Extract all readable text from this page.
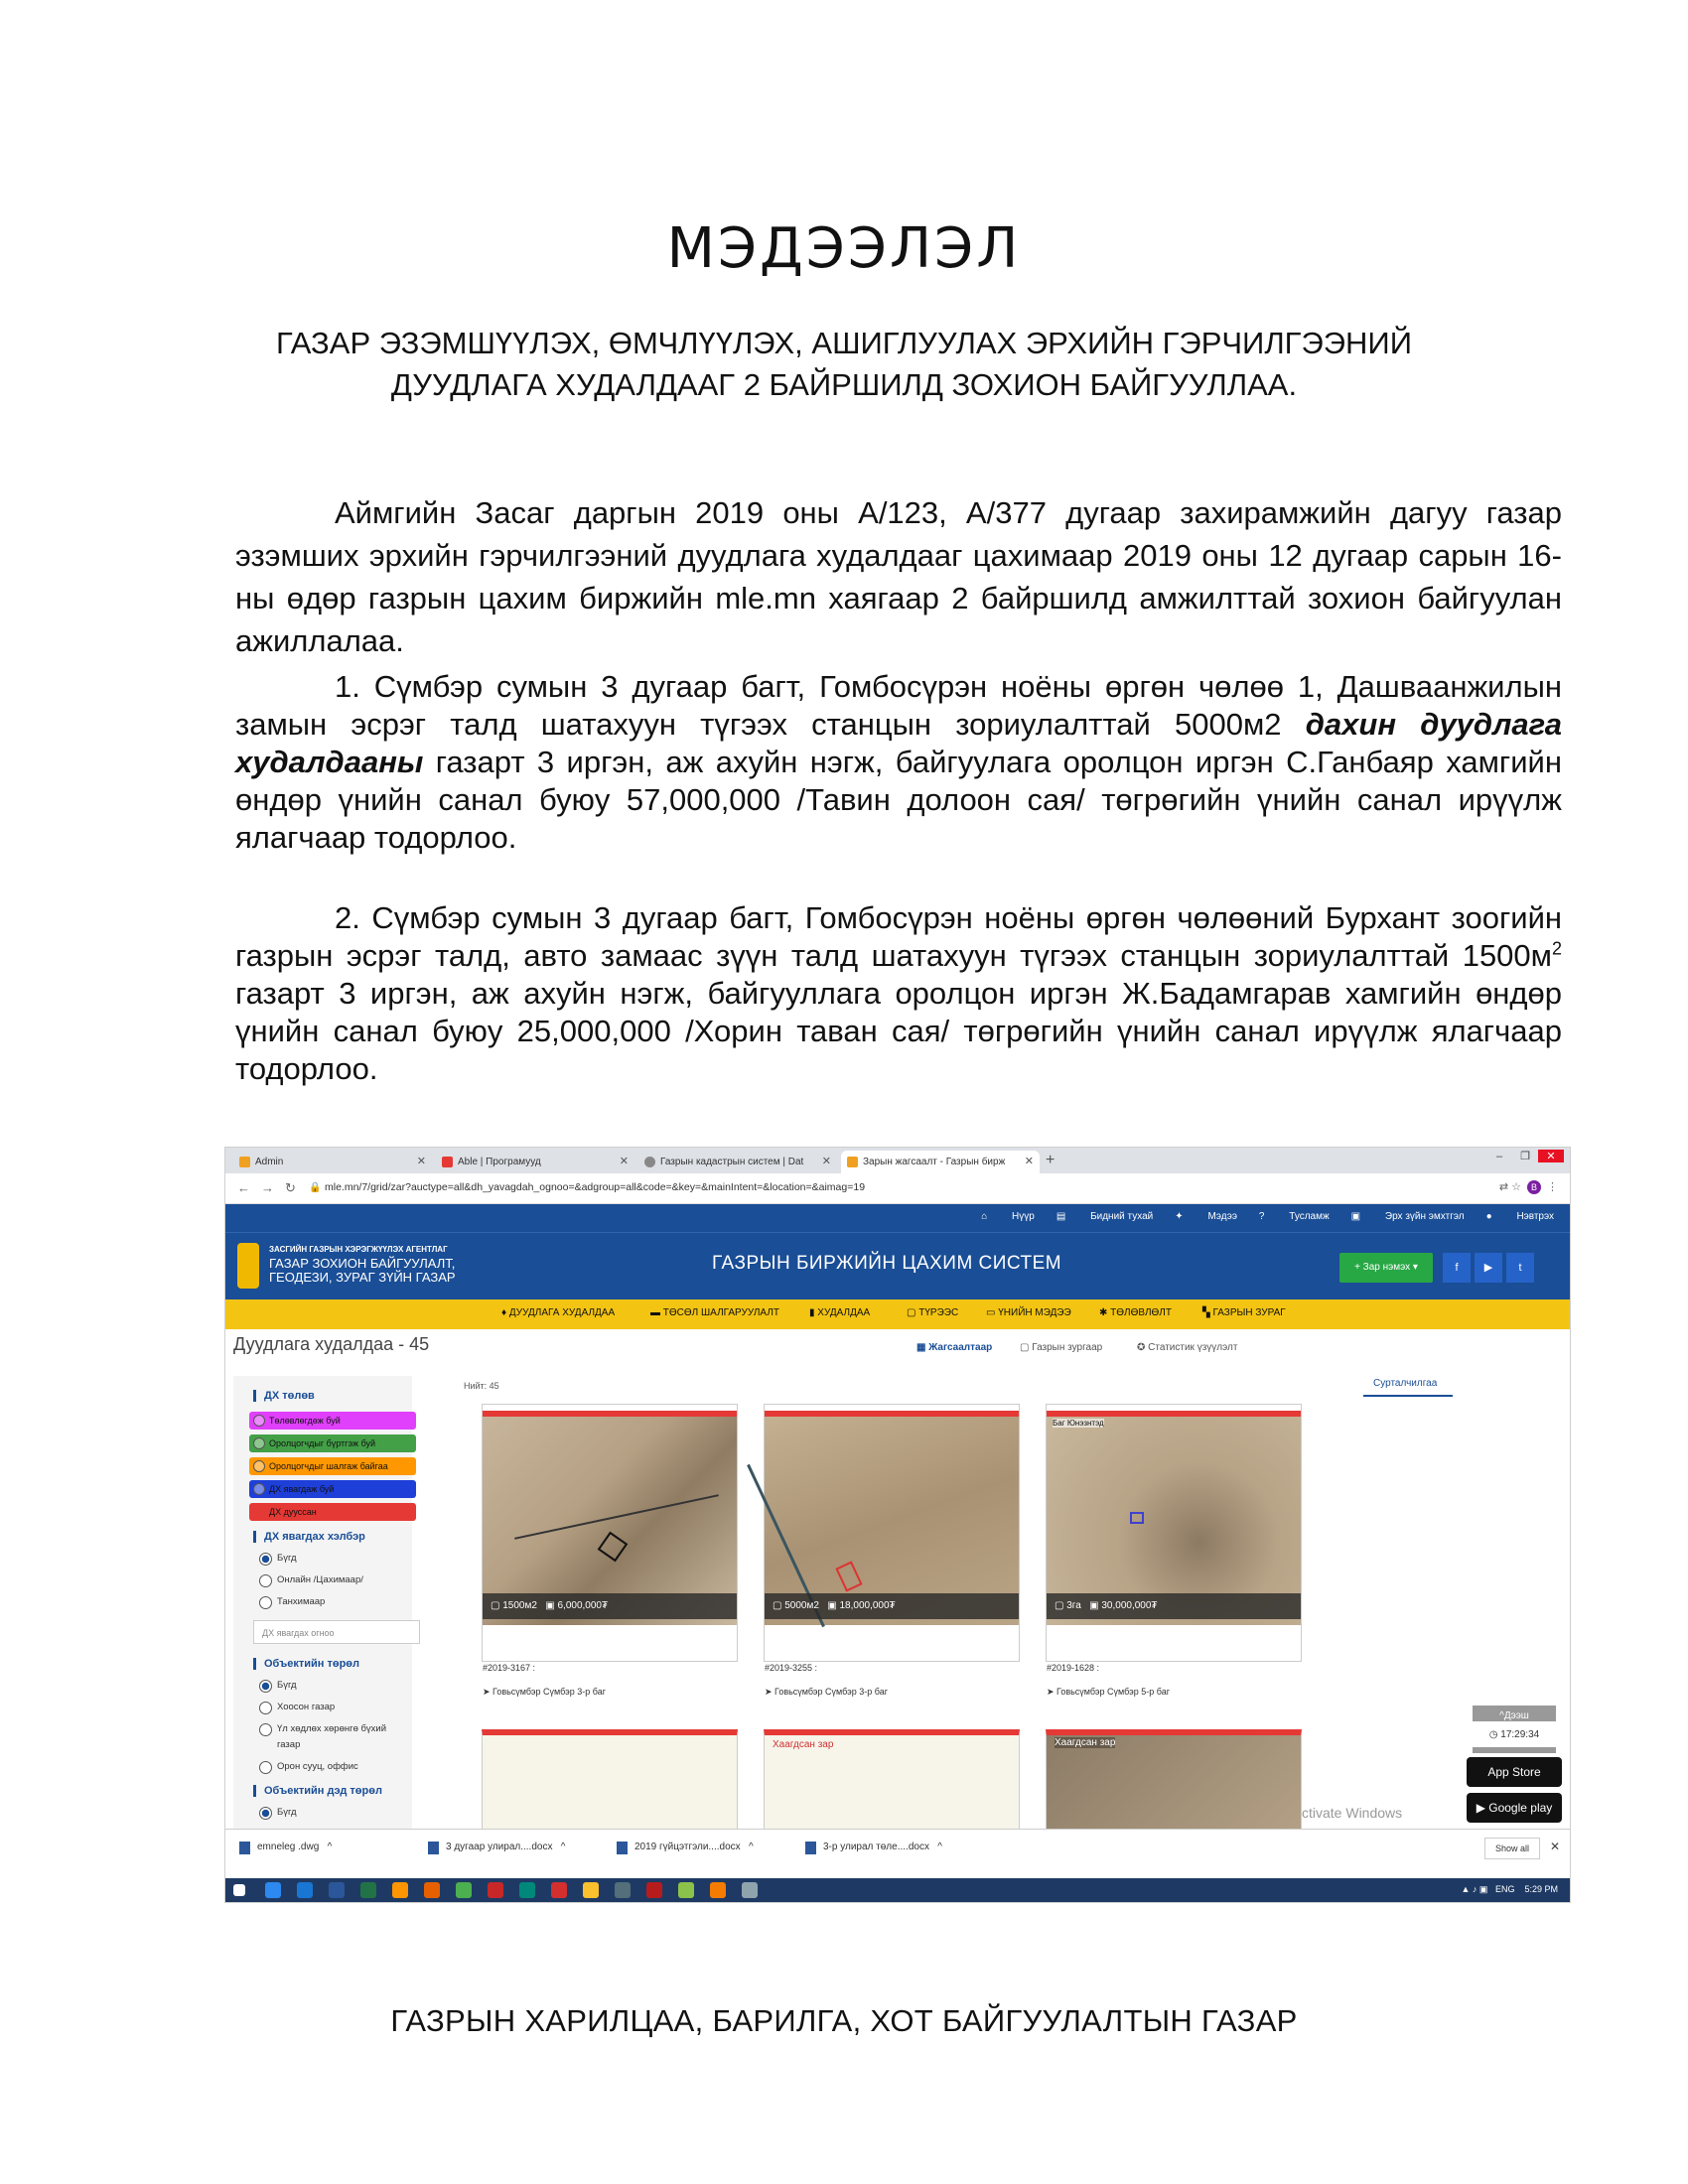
МЭДЭЭЛЭЛ
ГАЗАР ЭЗЭМШҮҮЛЭХ, ӨМЧЛҮҮЛЭХ, АШИГЛУУЛАХ ЭРХИЙН ГЭРЧИЛГЭЭНИЙ
ДУУДЛАГА ХУДАЛДААГ 2 БАЙРШИЛД ЗОХИОН БАЙГУУЛЛАА.
Аймгийн Засаг даргын 2019 оны А/123, А/377 дугаар захирамжийн дагуу газар эзэмших эрхийн гэрчилгээний дуудлага худалдааг цахимаар 2019 оны 12 дугаар сарын 16-ны өдөр газрын цахим биржийн mle.mn хаягаар 2 байршилд амжилттай зохион байгуулан ажиллалаа.
1. Сүмбэр сумын 3 дугаар багт, Гомбосүрэн ноёны өргөн чөлөө 1, Дашваанжилын замын эсрэг талд шатахуун түгээх станцын зориулалттай 5000м2 дахин дуудлага худалдааны газарт 3 иргэн, аж ахуйн нэгж, байгуулага оролцон иргэн С.Ганбаяр хамгийн өндөр үнийн санал буюу 57,000,000 /Тавин долоон сая/ төгрөгийн үнийн санал ирүүлж ялагчаар тодорлоо.
2. Сүмбэр сумын 3 дугаар багт, Гомбосүрэн ноёны өргөн чөлөөний Бурхант зоогийн газрын эсрэг талд, авто замаас зүүн талд шатахуун түгээх станцын зориулалттай $1500м^2$ газарт 3 иргэн, аж ахуйн нэгж, байгууллага оролцон иргэн Ж.Бадамгарав хамгийн өндөр үнийн санал буюу 25,000,000 /Хорин таван сая/ төгрөгийн үнийн санал ирүүлж ялагчаар тодорлоо.
Admin	✕	Able | Програмууд	✕	Газрын кадастрын систем | Dat ✕	Зарын жагсаалт - Газрын бирж ✕ +	– ❐ ✕
← → ↻ 🔒 mle.mn/7/grid/zar?auctype=all&dh_yavagdah_ognoo=&adgroup=all&code=&key=&mainIntent=&location=&aimag=19	⇄ ☆ B ⋮
⌂ Нүүр ▤ Бидний тухай ✦ Мэдээ ? Тусламж ▣ Эрх зүйн эмхтгэл ● Нэвтрэх
ЗАСГИЙН ГАЗРЫН ХЭРЭГЖҮҮЛЭХ АГЕНТЛАГ
ГАЗАР ЗОХИОН БАЙГУУЛАЛТ,
ГЕОДЕЗИ, ЗУРАГ ЗҮЙН ГАЗАР
ГАЗРЫН БИРЖИЙН ЦАХИМ СИСТЕМ	+ Зар нэмэх ▾	f	▶	t
♦ ДУУДЛАГА ХУДАЛДАА	▬ ТӨСӨЛ ШАЛГАРУУЛАЛТ	▮ ХУДАЛДАА	▢ ТҮРЭЭС	▭ ҮНИЙН МЭДЭЭ	✱ ТӨЛӨВЛӨЛТ	▚ ГАЗРЫН ЗУРАГ
Дуудлага худалдаа - 45	▦ Жагсаалтаар	▢ Газрын зургаар	✪ Статистик үзүүлэлт
ДХ төлөв
Төлөвлөгдөж буй
Оролцогчдыг бүртгэж буй
Оролцогчдыг шалгаж байгаа
ДХ явагдаж буй
ДХ дууссан
ДХ явагдах хэлбэр
Бүгд
Онлайн /Цахимаар/
Танхимаар
ДХ явагдах огноо
Объектийн төрөл
Бүгд
Хоосон газар
Үл хөдлөх хөрөнгө бүхий
газар
Орон сууц, оффис
Объектийн дэд төрөл
Бүгд
Нийт: 45
▢ 1500м2   ▣ 6,000,000₮
#2019-3167 :
➤ Говьсүмбэр Сүмбэр 3-р баг
▢ 5000м2   ▣ 18,000,000₮
#2019-3255 :
➤ Говьсүмбэр Сүмбэр 3-р баг
Баг Юнэзнтэд
▢ 3га   ▣ 30,000,000₮
#2019-1628 :
➤ Говьсүмбэр Сүмбэр 5-р баг
Хаагдсан зар	Хаагдсан зар
Сурталчилгаа
^Дээш
◷ 17:29:34
App Store
▶ Google play
ctivate Windows
emneleg .dwg   ^	3 дугаар улирал....docx   ^	2019 гүйцэтгэли....docx   ^	3-р улирал төле....docx   ^	Show all	✕
▲ ♪ ▣   ENG 5:29 PM
ГАЗРЫН ХАРИЛЦАА, БАРИЛГА, ХОТ БАЙГУУЛАЛТЫН ГАЗАР
